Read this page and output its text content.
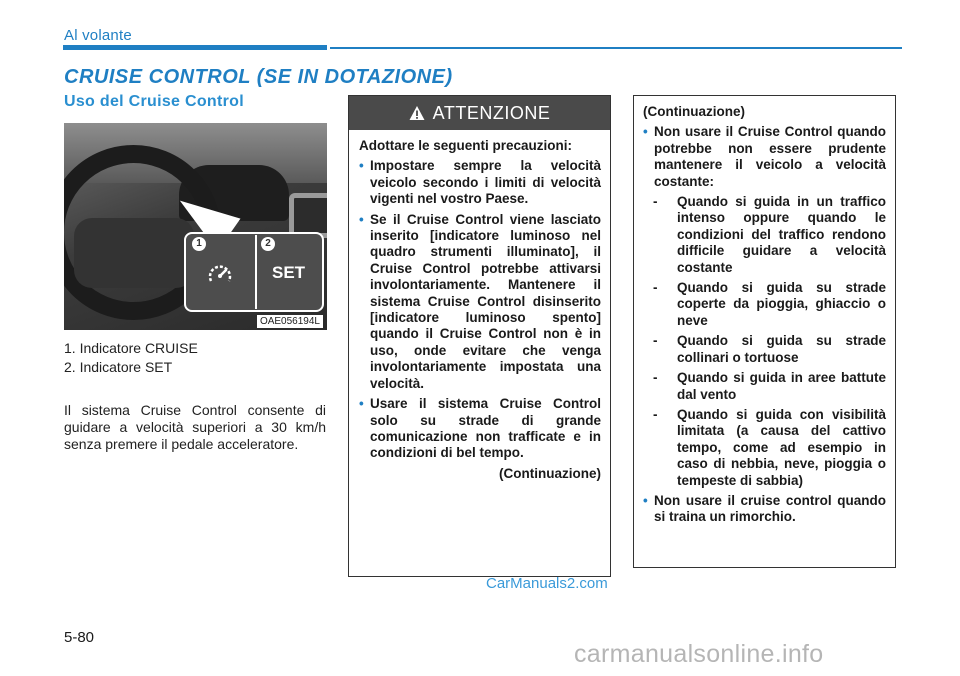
Al volante
CRUISE CONTROL (SE IN DOTAZIONE)
Uso del Cruise Control
1	2
SET
OAE056194L
1. Indicatore CRUISE
2. Indicatore SET
Il sistema Cruise Control consente di guidare a velocità superiori a 30 km/h senza premere il pedale acceleratore.
ATTENZIONE
Adottare le seguenti precauzioni:
• Impostare sempre la velocità veicolo secondo i limiti di velocità vigenti nel vostro Paese.
• Se il Cruise Control viene lasciato inserito [indicatore luminoso nel quadro strumenti illuminato], il Cruise Control potrebbe attivarsi involontariamente. Mantenere il sistema Cruise Control disinserito [indicatore luminoso spento] quando il Cruise Control non è in uso, onde evitare che venga involontariamente impostata una velocità.
• Usare il sistema Cruise Control solo su strade di grande comunicazione non trafficate e in condizioni di bel tempo.
(Continuazione)
(Continuazione)
• Non usare il Cruise Control quando potrebbe non essere prudente mantenere il veicolo a velocità costante:
- Quando si guida in un traffico intenso oppure quando le condizioni del traffico rendono difficile guidare a velocità costante
- Quando si guida su strade coperte da pioggia, ghiaccio o neve
- Quando si guida su strade collinari o tortuose
- Quando si guida in aree battute dal vento
- Quando si guida con visibilità limitata (a causa del cattivo tempo, come ad esempio in caso di nebbia, neve, pioggia o tempeste di sabbia)
• Non usare il cruise control quando si traina un rimorchio.
CarManuals2.com
5-80
carmanualsonline.info
